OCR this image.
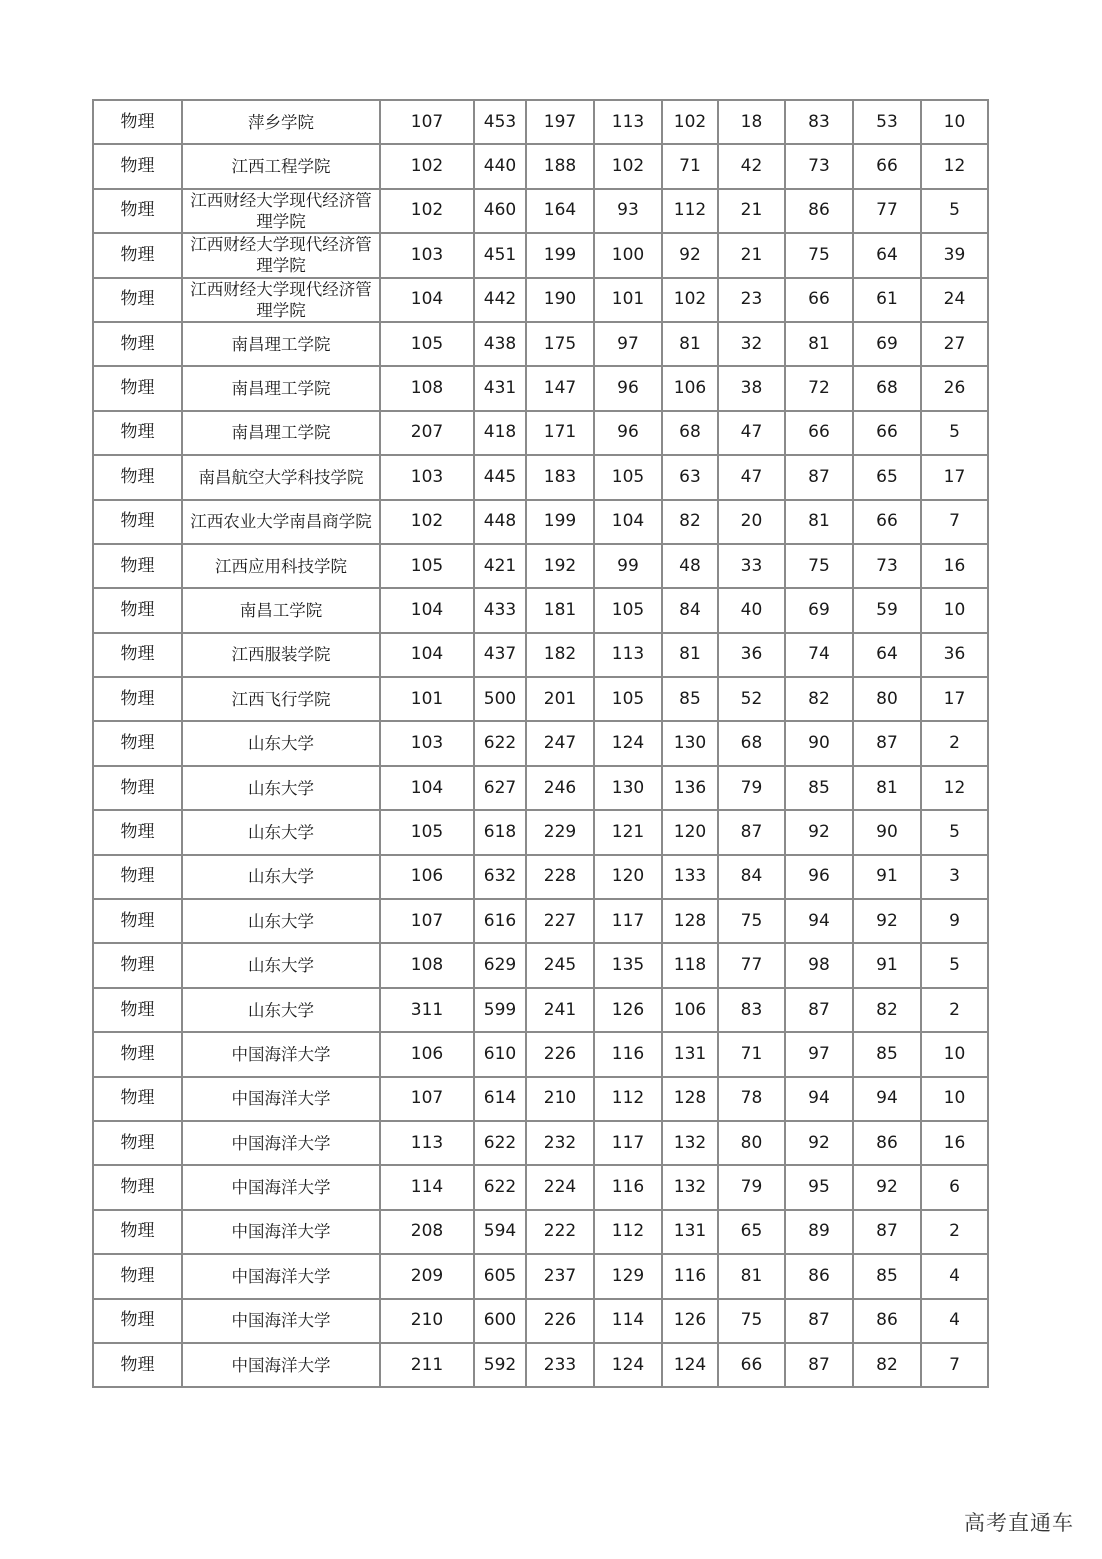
物理	萍乡学院	107	453	197	113	102	18	83	53	10
物理	江西工程学院	102	440	188	102	71	42	73	66	12
物理	江西财经大学现代经济管理学院	102	460	164	93	112	21	86	77	5
物理	江西财经大学现代经济管理学院	103	451	199	100	92	21	75	64	39
物理	江西财经大学现代经济管理学院	104	442	190	101	102	23	66	61	24
物理	南昌理工学院	105	438	175	97	81	32	81	69	27
物理	南昌理工学院	108	431	147	96	106	38	72	68	26
物理	南昌理工学院	207	418	171	96	68	47	66	66	5
物理	南昌航空大学科技学院	103	445	183	105	63	47	87	65	17
物理	江西农业大学南昌商学院	102	448	199	104	82	20	81	66	7
物理	江西应用科技学院	105	421	192	99	48	33	75	73	16
物理	南昌工学院	104	433	181	105	84	40	69	59	10
物理	江西服装学院	104	437	182	113	81	36	74	64	36
物理	江西飞行学院	101	500	201	105	85	52	82	80	17
物理	山东大学	103	622	247	124	130	68	90	87	2
物理	山东大学	104	627	246	130	136	79	85	81	12
物理	山东大学	105	618	229	121	120	87	92	90	5
物理	山东大学	106	632	228	120	133	84	96	91	3
物理	山东大学	107	616	227	117	128	75	94	92	9
物理	山东大学	108	629	245	135	118	77	98	91	5
物理	山东大学	311	599	241	126	106	83	87	82	2
物理	中国海洋大学	106	610	226	116	131	71	97	85	10
物理	中国海洋大学	107	614	210	112	128	78	94	94	10
物理	中国海洋大学	113	622	232	117	132	80	92	86	16
物理	中国海洋大学	114	622	224	116	132	79	95	92	6
物理	中国海洋大学	208	594	222	112	131	65	89	87	2
物理	中国海洋大学	209	605	237	129	116	81	86	85	4
物理	中国海洋大学	210	600	226	114	126	75	87	86	4
物理	中国海洋大学	211	592	233	124	124	66	87	82	7
高考直通车
